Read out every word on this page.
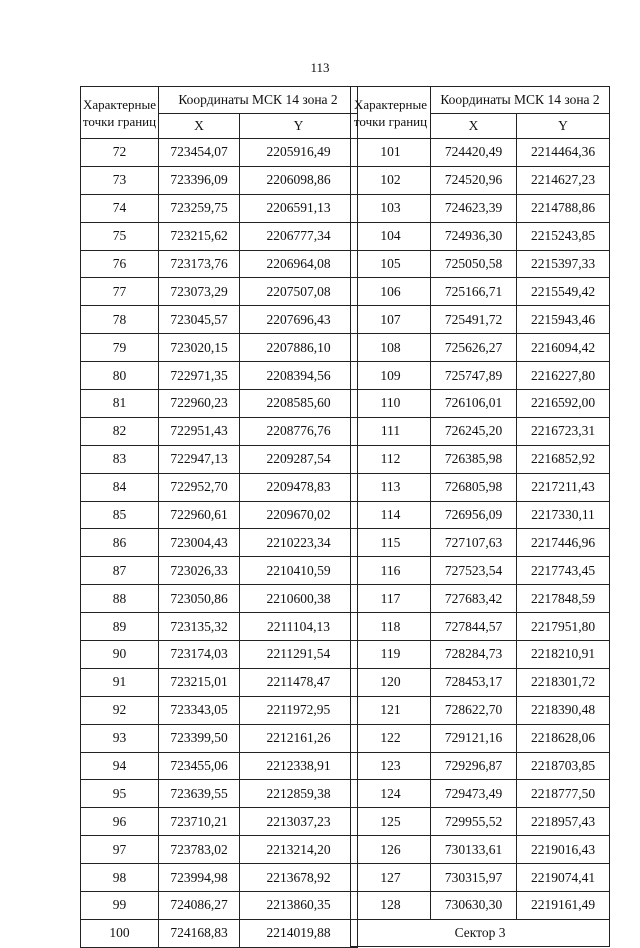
113
Характерные точки границ	Координаты МСК 14 зона 2	
	X	Y
72	723454,07	2205916,49
73	723396,09	2206098,86
74	723259,75	2206591,13
75	723215,62	2206777,34
76	723173,76	2206964,08
77	723073,29	2207507,08
78	723045,57	2207696,43
79	723020,15	2207886,10
80	722971,35	2208394,56
81	722960,23	2208585,60
82	722951,43	2208776,76
83	722947,13	2209287,54
84	722952,70	2209478,83
85	722960,61	2209670,02
86	723004,43	2210223,34
87	723026,33	2210410,59
88	723050,86	2210600,38
89	723135,32	2211104,13
90	723174,03	2211291,54
91	723215,01	2211478,47
92	723343,05	2211972,95
93	723399,50	2212161,26
94	723455,06	2212338,91
95	723639,55	2212859,38
96	723710,21	2213037,23
97	723783,02	2213214,20
98	723994,98	2213678,92
99	724086,27	2213860,35
100	724168,83	2214019,88
Характерные точки границ	Координаты МСК 14 зона 2	
	X	Y
101	724420,49	2214464,36
102	724520,96	2214627,23
103	724623,39	2214788,86
104	724936,30	2215243,85
105	725050,58	2215397,33
106	725166,71	2215549,42
107	725491,72	2215943,46
108	725626,27	2216094,42
109	725747,89	2216227,80
110	726106,01	2216592,00
111	726245,20	2216723,31
112	726385,98	2216852,92
113	726805,98	2217211,43
114	726956,09	2217330,11
115	727107,63	2217446,96
116	727523,54	2217743,45
117	727683,42	2217848,59
118	727844,57	2217951,80
119	728284,73	2218210,91
120	728453,17	2218301,72
121	728622,70	2218390,48
122	729121,16	2218628,06
123	729296,87	2218703,85
124	729473,49	2218777,50
125	729955,52	2218957,43
126	730133,61	2219016,43
127	730315,97	2219074,41
128	730630,30	2219161,49
Сектор 3		
